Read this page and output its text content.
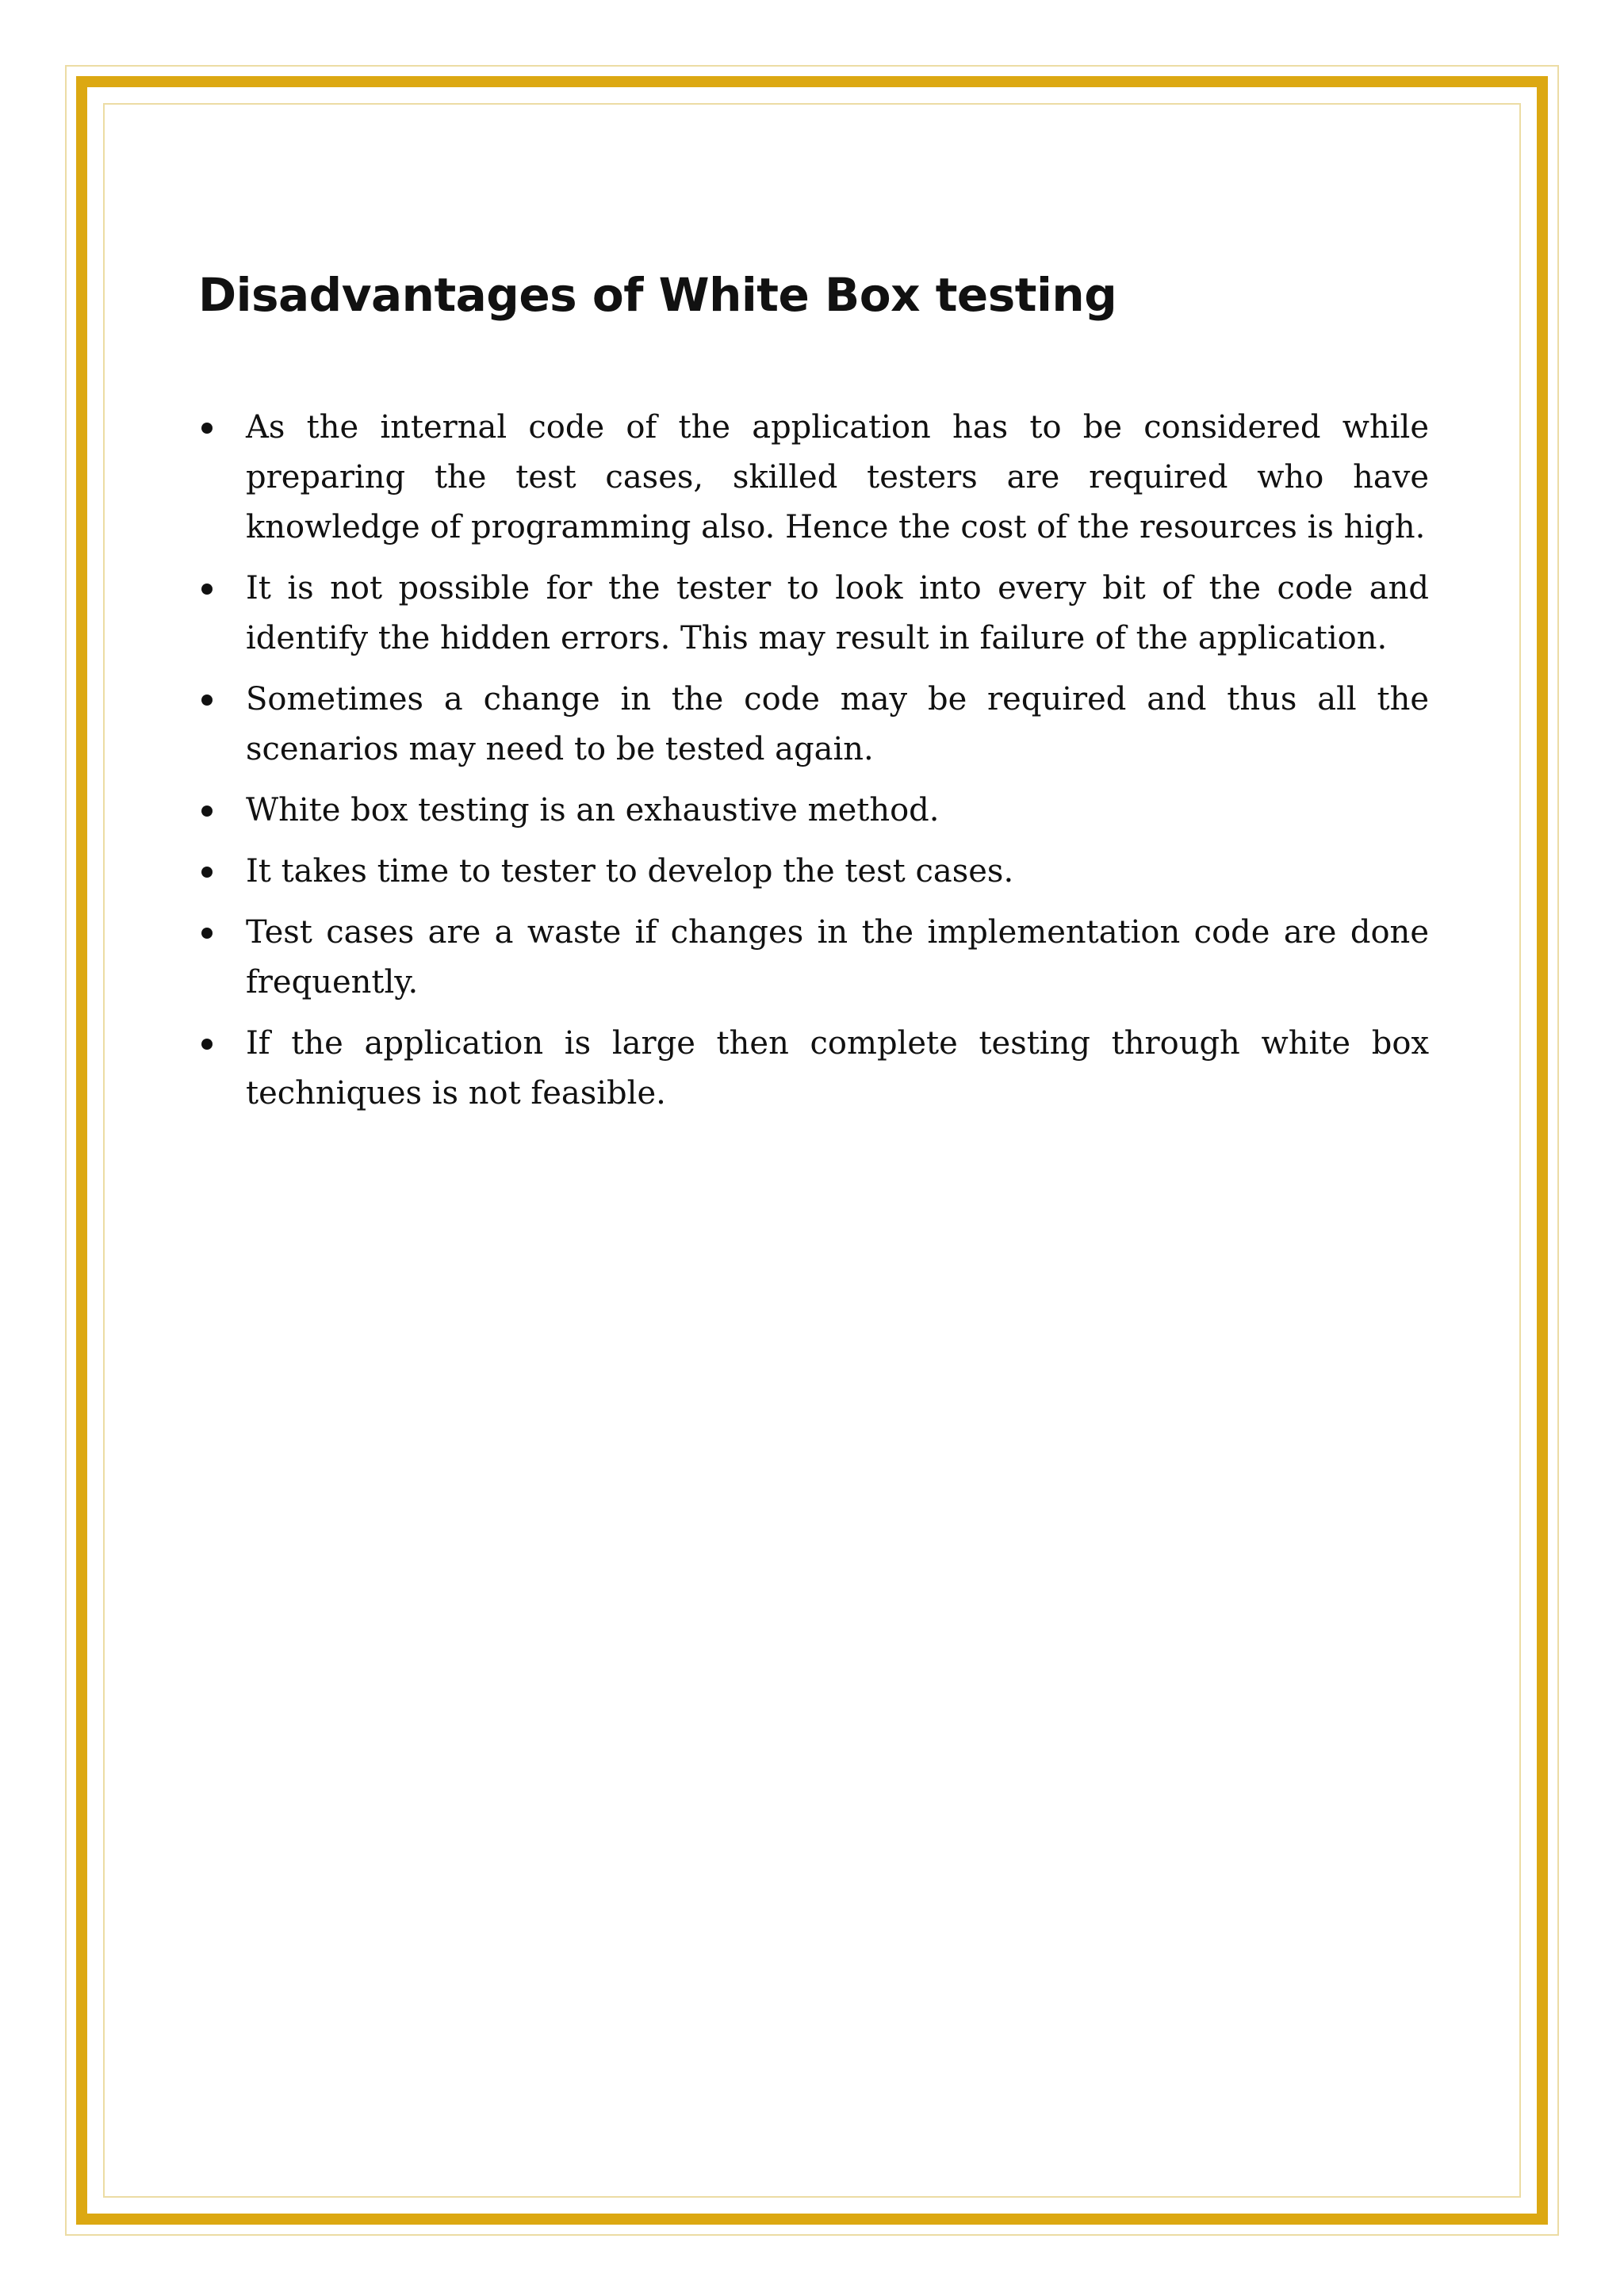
Disadvantages of White Box testing
As the internal code of the application has to be considered while preparing the test cases, skilled testers are required who have knowledge of programming also. Hence the cost of the resources is high.
It is not possible for the tester to look into every bit of the code and identify the hidden errors. This may result in failure of the application.
Sometimes a change in the code may be required and thus all the scenarios may need to be tested again.
White box testing is an exhaustive method.
It takes time to tester to develop the test cases.
Test cases are a waste if changes in the implementation code are done frequently.
If the application is large then complete testing through white box techniques is not feasible.
